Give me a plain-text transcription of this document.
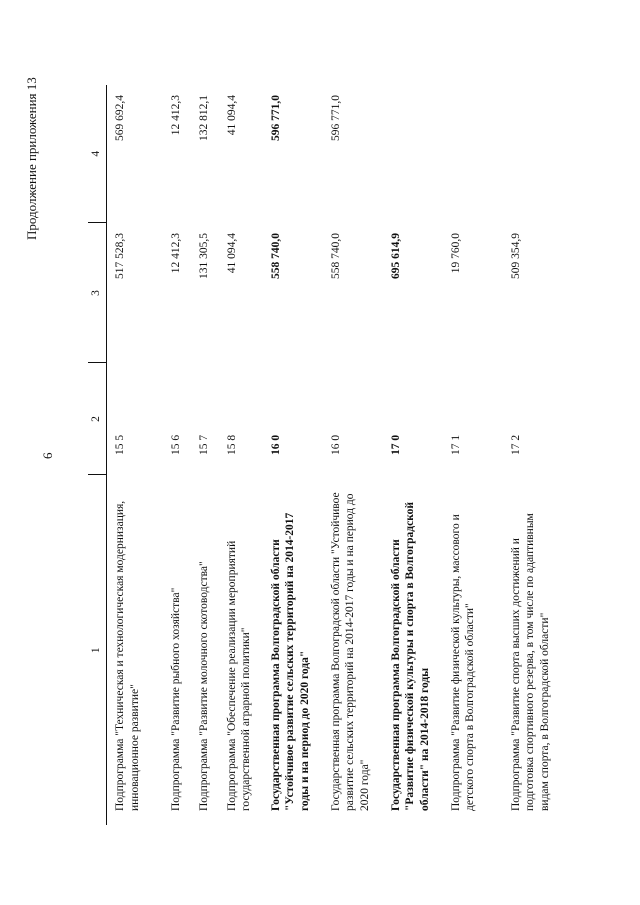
6
Продолжение приложения 13
1	2	3	4
Подпрограмма "Техническая и технологическая модернизация, инновационное развитие"	15 5	517 528,3	569 692,4
Подпрограмма "Развитие рыбного хозяйства"	15 6	12 412,3	12 412,3
Подпрограмма "Развитие молочного скотоводства"	15 7	131 305,5	132 812,1
Подпрограмма "Обеспечение реализации мероприятий государственной аграрной политики"	15 8	41 094,4	41 094,4
Государственная программа Волгоградской области "Устойчивое развитие сельских территорий на 2014-2017 годы и на период до 2020 года"	16 0	558 740,0	596 771,0
Государственная программа Волгоградской области "Устойчивое развитие сельских территорий на 2014-2017 годы и на период до 2020 года"	16 0	558 740,0	596 771,0
Государственная программа Волгоградской области "Развитие физической культуры и спорта в Волгоградской области" на 2014-2018 годы	17 0	695 614,9	
Подпрограмма "Развитие физической культуры, массового и детского спорта в Волгоградской области"	17 1	19 760,0	
Подпрограмма "Развитие спорта высших достижений и подготовка спортивного резерва, в том числе по адаптивным видам спорта, в Волгоградской области"	17 2	509 354,9	
